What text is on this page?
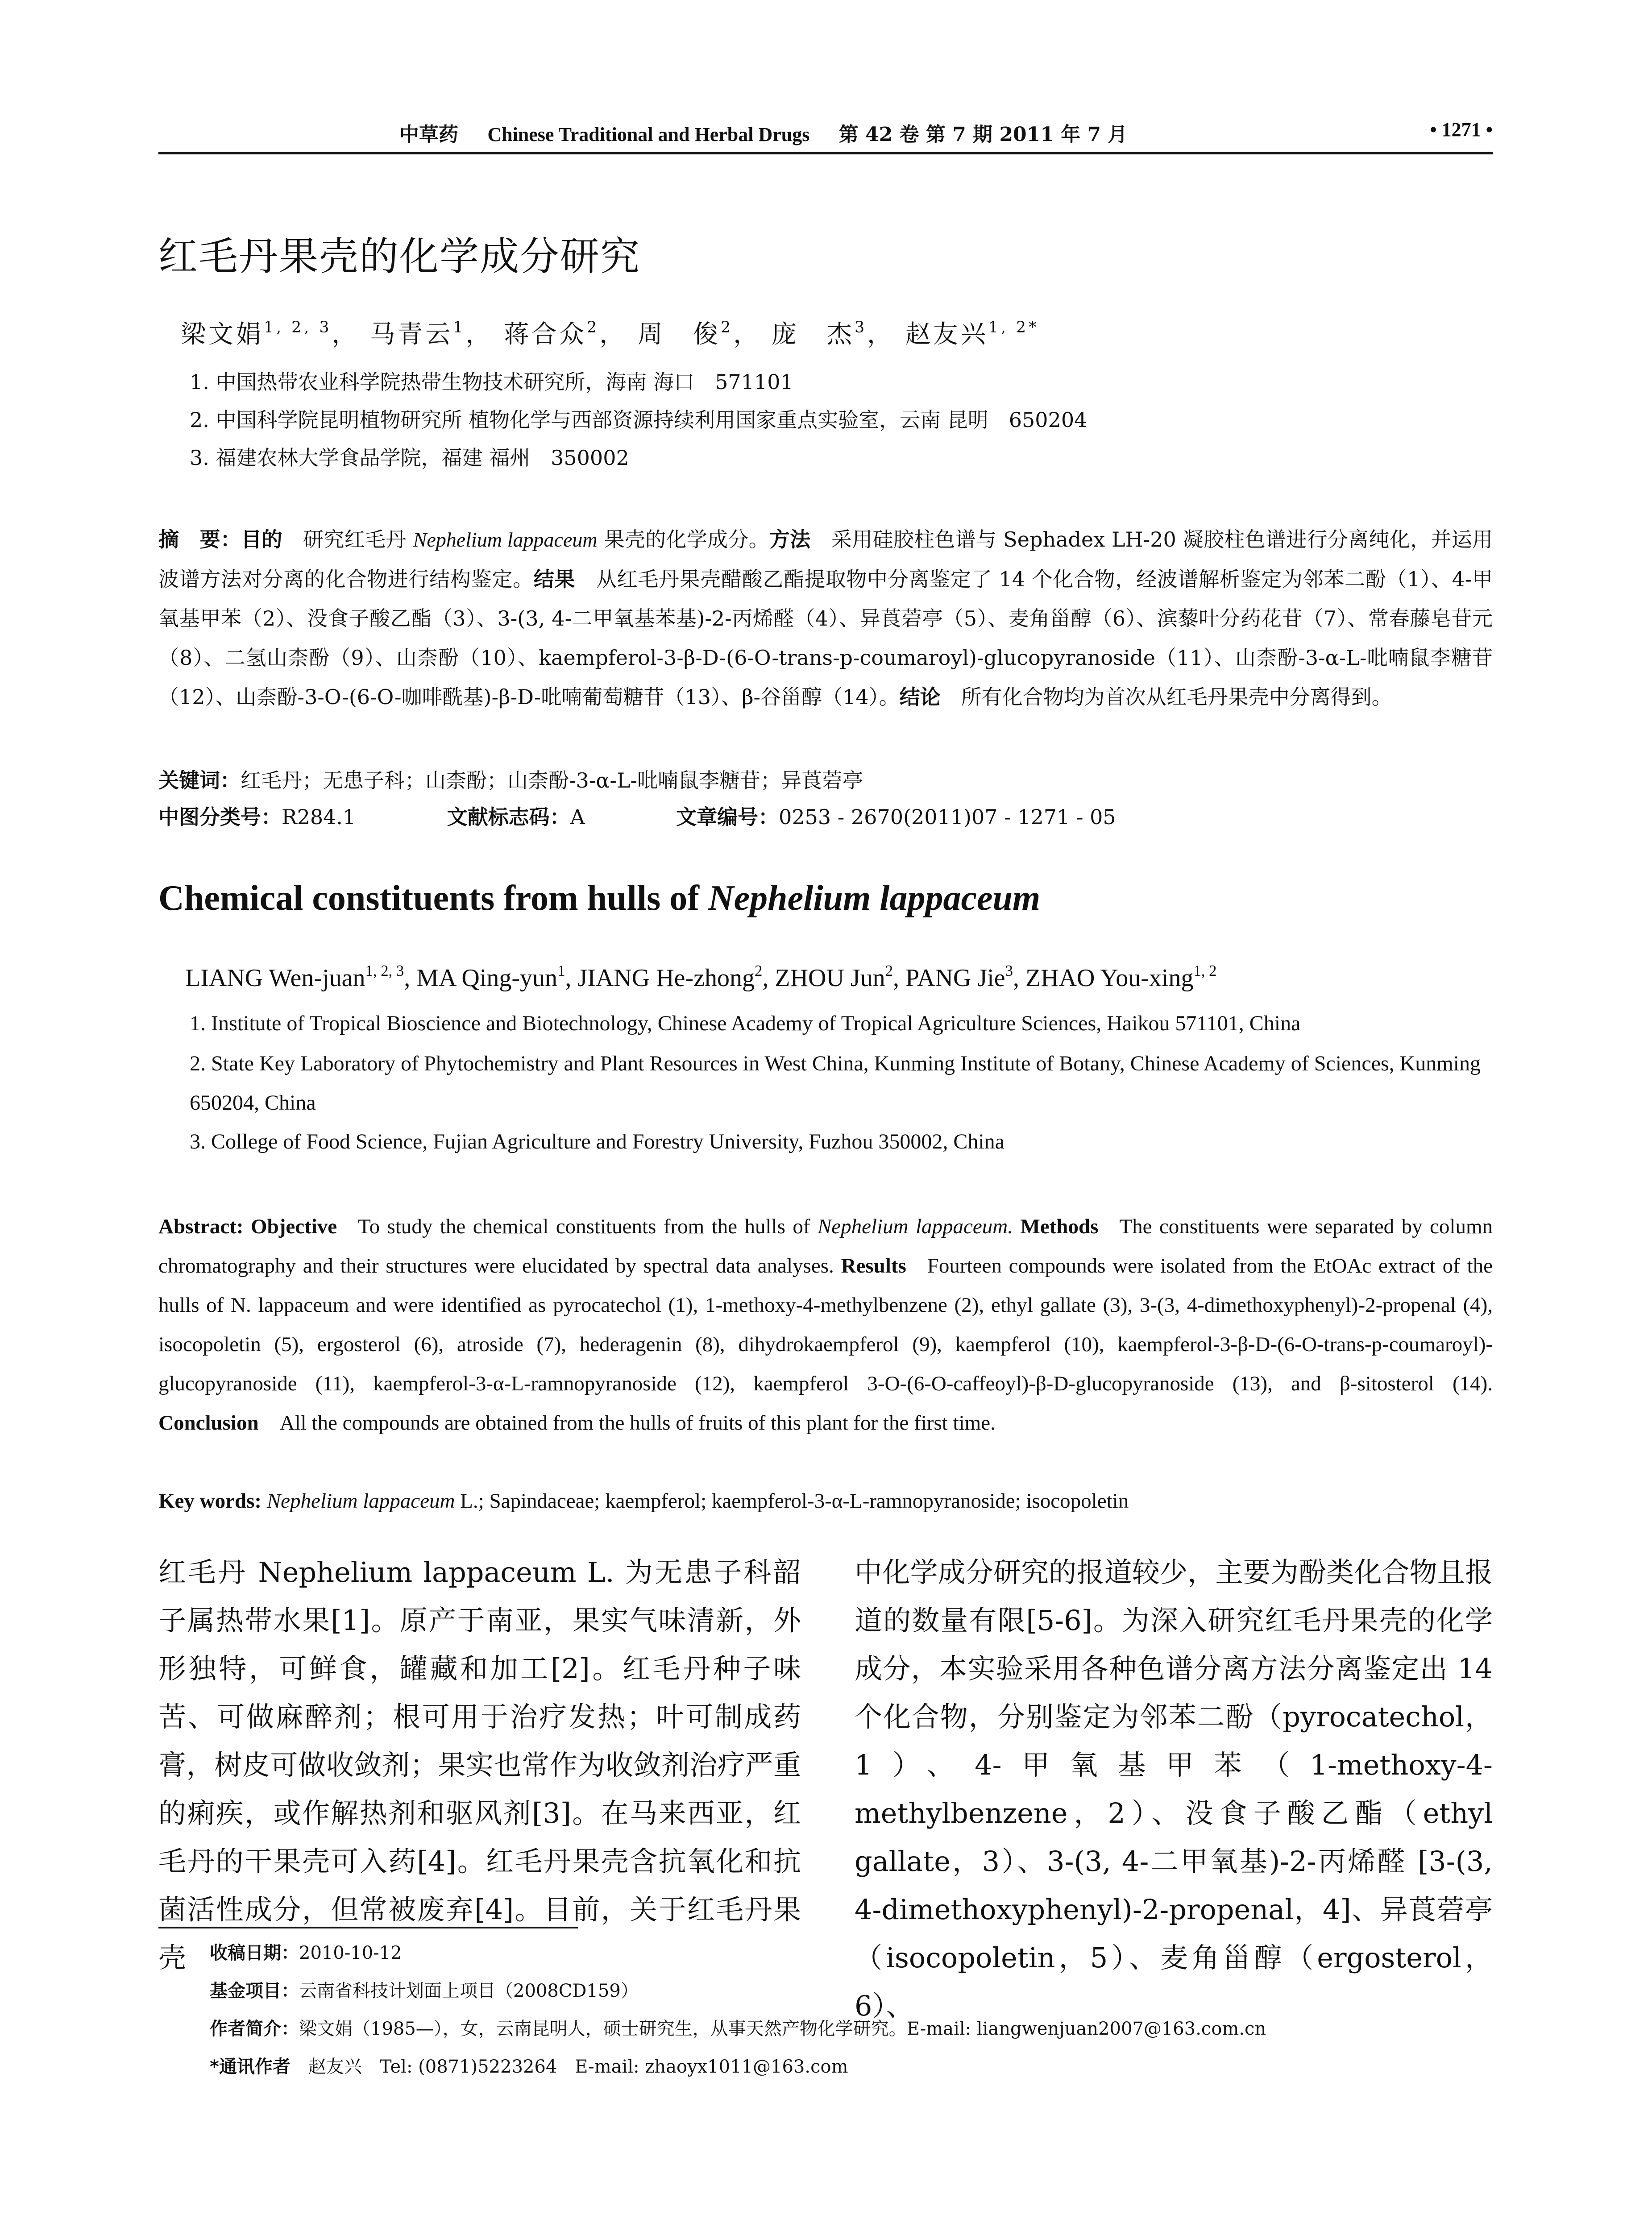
中草药 Chinese Traditional and Herbal Drugs 第 42 卷 第 7 期 2011 年 7 月	• 1271 •
红毛丹果壳的化学成分研究
梁文娟$^{1, 2, 3}$， 马青云$^1$， 蒋合众$^2$， 周　俊$^2$， 庞　杰$^3$， 赵友兴$^{1, 2*}$
1. 中国热带农业科学院热带生物技术研究所，海南 海口　571101
2. 中国科学院昆明植物研究所 植物化学与西部资源持续利用国家重点实验室，云南 昆明　650204
3. 福建农林大学食品学院，福建 福州　350002
摘　要：目的  研究红毛丹 Nephelium lappaceum 果壳的化学成分。方法  采用硅胶柱色谱与 Sephadex LH-20 凝胶柱色谱进行分离纯化，并运用波谱方法对分离的化合物进行结构鉴定。结果  从红毛丹果壳醋酸乙酯提取物中分离鉴定了 14 个化合物，经波谱解析鉴定为邻苯二酚（1）、4-甲氧基甲苯（2）、没食子酸乙酯（3）、3-(3, 4-二甲氧基苯基)-2-丙烯醛（4）、异莨菪亭（5）、麦角甾醇（6）、滨藜叶分药花苷（7）、常春藤皂苷元（8）、二氢山柰酚（9）、山柰酚（10）、kaempferol-3-β-D-(6-O-trans-p-coumaroyl)-glucopyranoside（11）、山柰酚-3-α-L-吡喃鼠李糖苷（12）、山柰酚-3-O-(6-O-咖啡酰基)-β-D-吡喃葡萄糖苷（13）、β-谷甾醇（14）。结论  所有化合物均为首次从红毛丹果壳中分离得到。
关键词：红毛丹；无患子科；山柰酚；山柰酚-3-α-L-吡喃鼠李糖苷；异莨菪亭
中图分类号：R284.1	文献标志码：A	文章编号：0253 - 2670(2011)07 - 1271 - 05
Chemical constituents from hulls of Nephelium lappaceum
LIANG Wen-juan$^{1, 2, 3}$, MA Qing-yun$^1$, JIANG He-zhong$^2$, ZHOU Jun$^2$, PANG Jie$^3$, ZHAO You-xing$^{1, 2}$
1. Institute of Tropical Bioscience and Biotechnology, Chinese Academy of Tropical Agriculture Sciences, Haikou 571101, China
2. State Key Laboratory of Phytochemistry and Plant Resources in West China, Kunming Institute of Botany, Chinese Academy of Sciences, Kunming 650204, China
3. College of Food Science, Fujian Agriculture and Forestry University, Fuzhou 350002, China
Abstract: Objective  To study the chemical constituents from the hulls of Nephelium lappaceum. Methods  The constituents were separated by column chromatography and their structures were elucidated by spectral data analyses. Results  Fourteen compounds were isolated from the EtOAc extract of the hulls of N. lappaceum and were identified as pyrocatechol (1), 1-methoxy-4-methylbenzene (2), ethyl gallate (3), 3-(3, 4-dimethoxyphenyl)-2-propenal (4), isocopoletin (5), ergosterol (6), atroside (7), hederagenin (8), dihydrokaempferol (9), kaempferol (10), kaempferol-3-β-D-(6-O-trans-p-coumaroyl)-glucopyranoside (11), kaempferol-3-α-L-ramnopyranoside (12), kaempferol 3-O-(6-O-caffeoyl)-β-D-glucopyranoside (13), and β-sitosterol (14). Conclusion  All the compounds are obtained from the hulls of fruits of this plant for the first time.
Key words: Nephelium lappaceum L.; Sapindaceae; kaempferol; kaempferol-3-α-L-ramnopyranoside; isocopoletin
红毛丹 Nephelium lappaceum L. 为无患子科韶子属热带水果[1]。原产于南亚，果实气味清新，外形独特，可鲜食，罐藏和加工[2]。红毛丹种子味苦、可做麻醉剂；根可用于治疗发热；叶可制成药膏，树皮可做收敛剂；果实也常作为收敛剂治疗严重的痢疾，或作解热剂和驱风剂[3]。在马来西亚，红毛丹的干果壳可入药[4]。红毛丹果壳含抗氧化和抗菌活性成分，但常被废弃[4]。目前，关于红毛丹果壳
中化学成分研究的报道较少，主要为酚类化合物且报道的数量有限[5-6]。为深入研究红毛丹果壳的化学成分，本实验采用各种色谱分离方法分离鉴定出 14 个化合物，分别鉴定为邻苯二酚（pyrocatechol，1）、4-甲氧基甲苯（1-methoxy-4-methylbenzene，2）、没食子酸乙酯（ethyl gallate，3）、3-(3, 4-二甲氧基)-2-丙烯醛 [3-(3, 4-dimethoxyphenyl)-2-propenal，4]、异莨菪亭（isocopoletin，5）、麦角甾醇（ergosterol，6）、
收稿日期：2010-10-12
基金项目：云南省科技计划面上项目（2008CD159）
作者简介：梁文娟（1985—），女，云南昆明人，硕士研究生，从事天然产物化学研究。E-mail: liangwenjuan2007@163.com.cn
*通讯作者  赵友兴　Tel: (0871)5223264　E-mail: zhaoyx1011@163.com
